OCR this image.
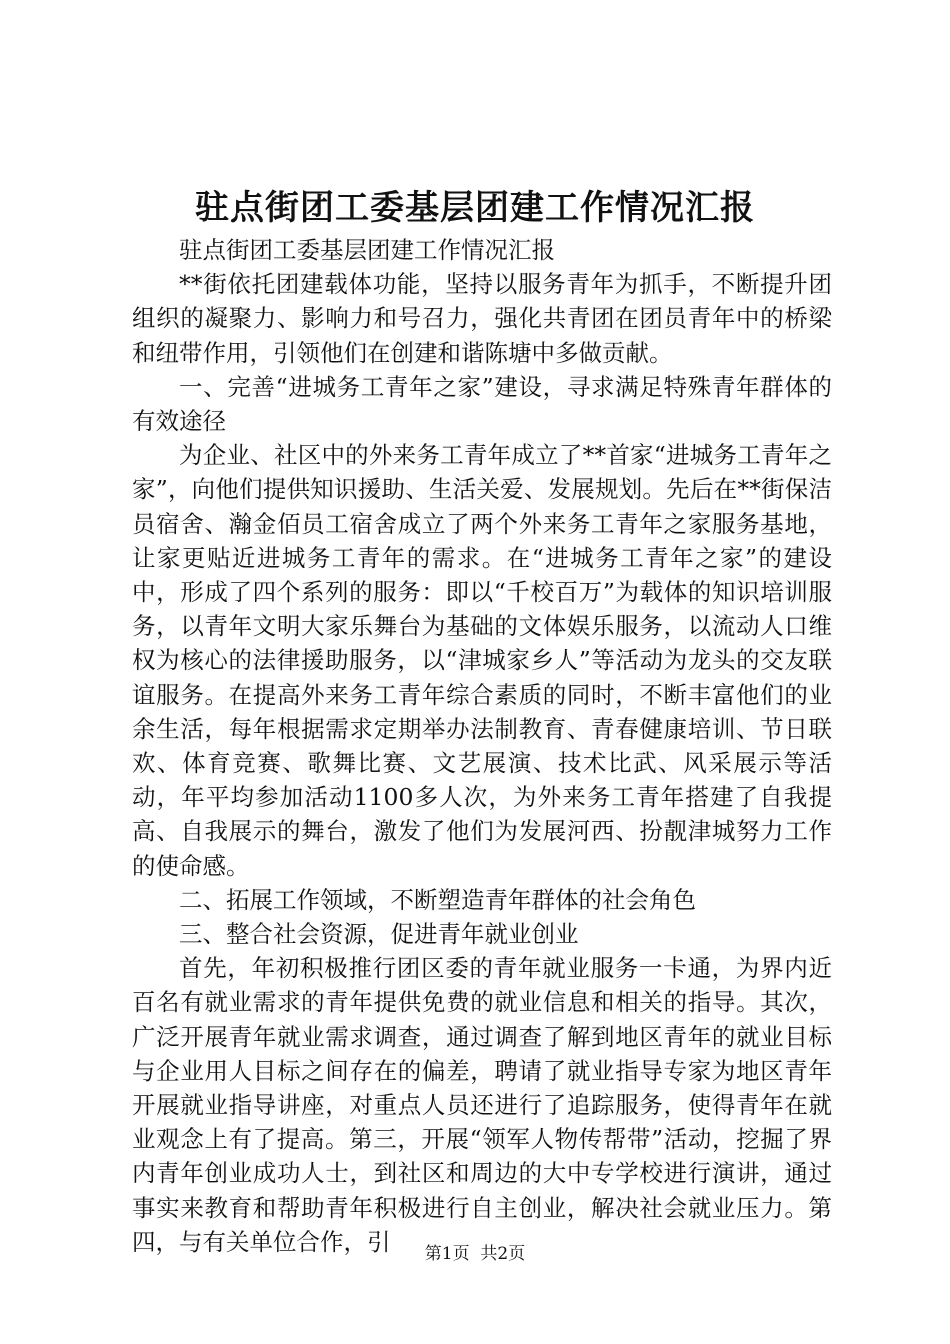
驻点街团工委基层团建工作情况汇报

驻点街团工委基层团建工作情况汇报

**街依托团建载体功能，坚持以服务青年为抓手，不断提升团组织的凝聚力、影响力和号召力，强化共青团在团员青年中的桥梁和纽带作用，引领他们在创建和谐陈塘中多做贡献。

一、完善“进城务工青年之家”建设，寻求满足特殊青年群体的有效途径

为企业、社区中的外来务工青年成立了**首家“进城务工青年之家”，向他们提供知识援助、生活关爱、发展规划。先后在**街保洁员宿舍、瀚金佰员工宿舍成立了两个外来务工青年之家服务基地，让家更贴近进城务工青年的需求。在“进城务工青年之家”的建设中，形成了四个系列的服务：即以“千校百万”为载体的知识培训服务，以青年文明大家乐舞台为基础的文体娱乐服务，以流动人口维权为核心的法律援助服务，以“津城家乡人”等活动为龙头的交友联谊服务。在提高外来务工青年综合素质的同时，不断丰富他们的业余生活，每年根据需求定期举办法制教育、青春健康培训、节日联欢、体育竞赛、歌舞比赛、文艺展演、技术比武、风采展示等活动，年平均参加活动1100多人次，为外来务工青年搭建了自我提高、自我展示的舞台，激发了他们为发展河西、扮靓津城努力工作的使命感。

二、拓展工作领域，不断塑造青年群体的社会角色

三、整合社会资源，促进青年就业创业

首先，年初积极推行团区委的青年就业服务一卡通，为界内近百名有就业需求的青年提供免费的就业信息和相关的指导。其次，广泛开展青年就业需求调查，通过调查了解到地区青年的就业目标与企业用人目标之间存在的偏差，聘请了就业指导专家为地区青年开展就业指导讲座，对重点人员还进行了追踪服务，使得青年在就业观念上有了提高。第三，开展“领军人物传帮带”活动，挖掘了界内青年创业成功人士，到社区和周边的大中专学校进行演讲，通过事实来教育和帮助青年积极进行自主创业，解决社会就业压力。第四，与有关单位合作，引	第1页 共2页
